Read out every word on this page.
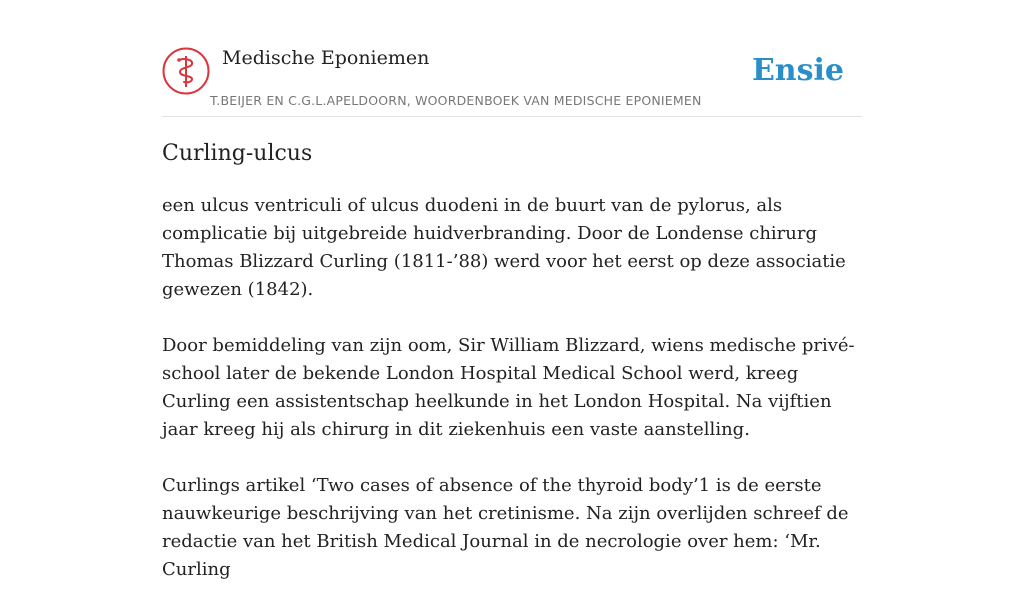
Medische Eponiemen
T.BEIJER EN C.G.L.APELDOORN, WOORDENBOEK VAN MEDISCHE EPONIEMEN
Ensie
Curling-ulcus

een ulcus ventriculi of ulcus duodeni in de buurt van de pylorus, als complicatie bij uitgebreide huidverbranding. Door de Londense chirurg Thomas Blizzard Curling (1811-’88) werd voor het eerst op deze associatie gewezen (1842).

Door bemiddeling van zijn oom, Sir William Blizzard, wiens medische privé-school later de bekende London Hospital Medical School werd, kreeg Curling een assistentschap heelkunde in het London Hospital. Na vijftien jaar kreeg hij als chirurg in dit ziekenhuis een vaste aanstelling.

Curlings artikel ‘Two cases of absence of the thyroid body’1 is de eerste nauwkeurige beschrijving van het cretinisme. Na zijn overlijden schreef de redactie van het British Medical Journal in de necrologie over hem: ‘Mr. Curling
